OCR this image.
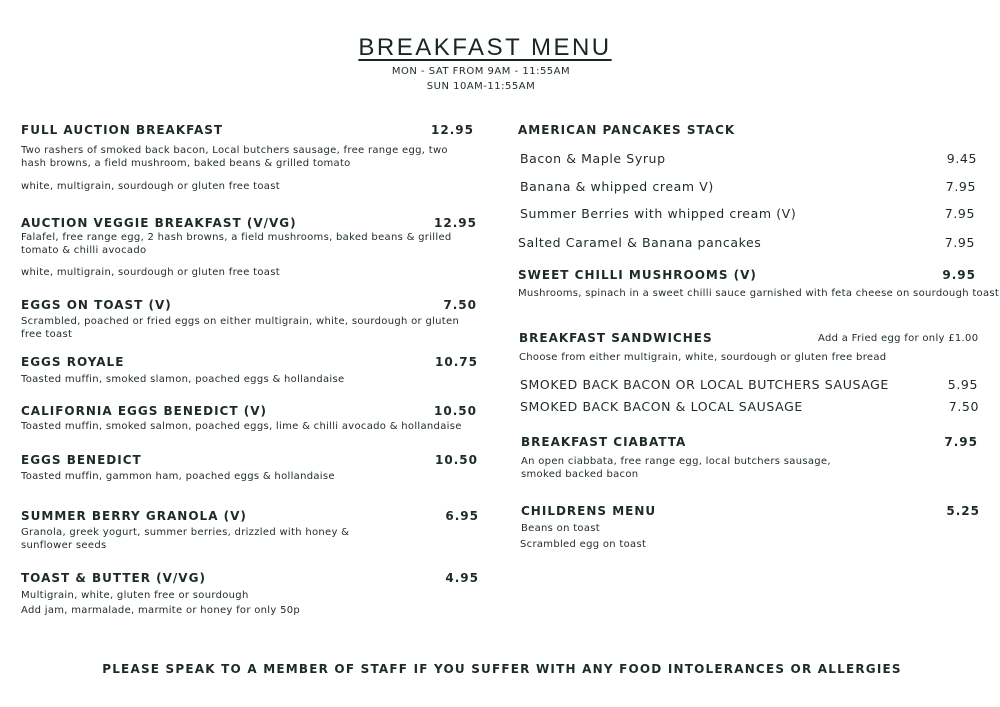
BREAKFAST MENU
MON - SAT FROM 9AM - 11:55AM
SUN 10AM-11:55AM
FULL AUCTION BREAKFAST	12.95
Two rashers of smoked back bacon, Local butchers sausage, free range egg, two hash browns, a field mushroom, baked beans & grilled tomato
white, multigrain, sourdough or gluten free toast
AUCTION VEGGIE BREAKFAST (V/VG)	12.95
Falafel, free range egg, 2 hash browns, a field mushrooms, baked beans & grilled tomato & chilli avocado
white, multigrain, sourdough or gluten free toast
EGGS ON TOAST (V)	7.50
Scrambled, poached or fried eggs on either multigrain, white, sourdough or gluten free toast
EGGS ROYALE	10.75
Toasted muffin, smoked slamon, poached eggs & hollandaise
CALIFORNIA EGGS BENEDICT (V)	10.50
Toasted muffin, smoked salmon, poached eggs, lime & chilli avocado & hollandaise
EGGS BENEDICT	10.50
Toasted muffin, gammon ham, poached eggs & hollandaise
SUMMER BERRY GRANOLA (V)	6.95
Granola, greek yogurt, summer berries, drizzled with honey & sunflower seeds
TOAST & BUTTER (V/VG)	4.95
Multigrain, white, gluten free or sourdough
Add jam, marmalade, marmite or honey for only 50p
AMERICAN PANCAKES STACK
Bacon & Maple Syrup	9.45
Banana & whipped cream V)	7.95
Summer Berries with whipped cream (V)	7.95
Salted Caramel & Banana pancakes	7.95
SWEET CHILLI MUSHROOMS (V)	9.95
Mushrooms, spinach in a sweet chilli sauce garnished with feta cheese on sourdough toast
BREAKFAST SANDWICHES	Add a Fried egg for only £1.00
Choose from either multigrain, white, sourdough or gluten free bread
SMOKED BACK BACON OR LOCAL BUTCHERS SAUSAGE	5.95
SMOKED BACK BACON & LOCAL SAUSAGE	7.50
BREAKFAST CIABATTA	7.95
An open ciabbata, free range egg, local butchers sausage, smoked backed bacon
CHILDRENS MENU	5.25
Beans on toast
Scrambled egg on toast
PLEASE SPEAK TO A MEMBER OF STAFF IF YOU SUFFER WITH ANY FOOD INTOLERANCES OR ALLERGIES
